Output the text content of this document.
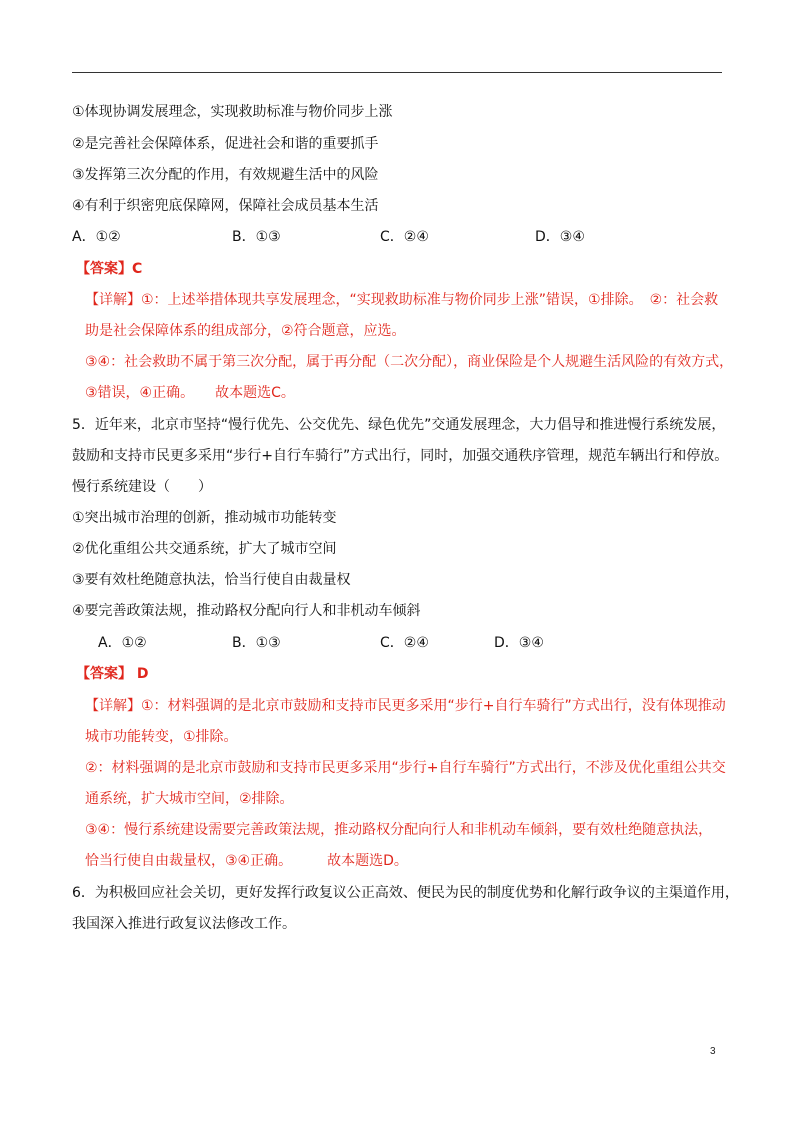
①体现协调发展理念，实现救助标准与物价同步上涨
②是完善社会保障体系，促进社会和谐的重要抓手
③发挥第三次分配的作用，有效规避生活中的风险
④有利于织密兜底保障网，保障社会成员基本生活
A．①②	B．①③	C．②④	D．③④
【答案】C
【详解】①：上述举措体现共享发展理念，“实现救助标准与物价同步上涨”错误，①排除。　②：社会救
助是社会保障体系的组成部分，②符合题意，应选。
③④：社会救助不属于第三次分配，属于再分配（二次分配），商业保险是个人规避生活风险的有效方式，
③错误，④正确。　　故本题选C。
5．近年来，北京市坚持“慢行优先、公交优先、绿色优先”交通发展理念，大力倡导和推进慢行系统发展，
鼓励和支持市民更多采用“步行+自行车骑行”方式出行，同时，加强交通秩序管理，规范车辆出行和停放。
慢行系统建设（　　）
①突出城市治理的创新，推动城市功能转变
②优化重组公共交通系统，扩大了城市空间
③要有效杜绝随意执法，恰当行使自由裁量权
④要完善政策法规，推动路权分配向行人和非机动车倾斜
A．①②	B．①③	C．②④	D．③④
【答案】 D
【详解】①：材料强调的是北京市鼓励和支持市民更多采用“步行+自行车骑行”方式出行，没有体现推动
城市功能转变，①排除。
②：材料强调的是北京市鼓励和支持市民更多采用“步行+自行车骑行”方式出行，不涉及优化重组公共交
通系统，扩大城市空间，②排除。
③④：慢行系统建设需要完善政策法规，推动路权分配向行人和非机动车倾斜，要有效杜绝随意执法，
恰当行使自由裁量权，③④正确。　　　故本题选D。
6．为积极回应社会关切，更好发挥行政复议公正高效、便民为民的制度优势和化解行政争议的主渠道作用，
我国深入推进行政复议法修改工作。
3
